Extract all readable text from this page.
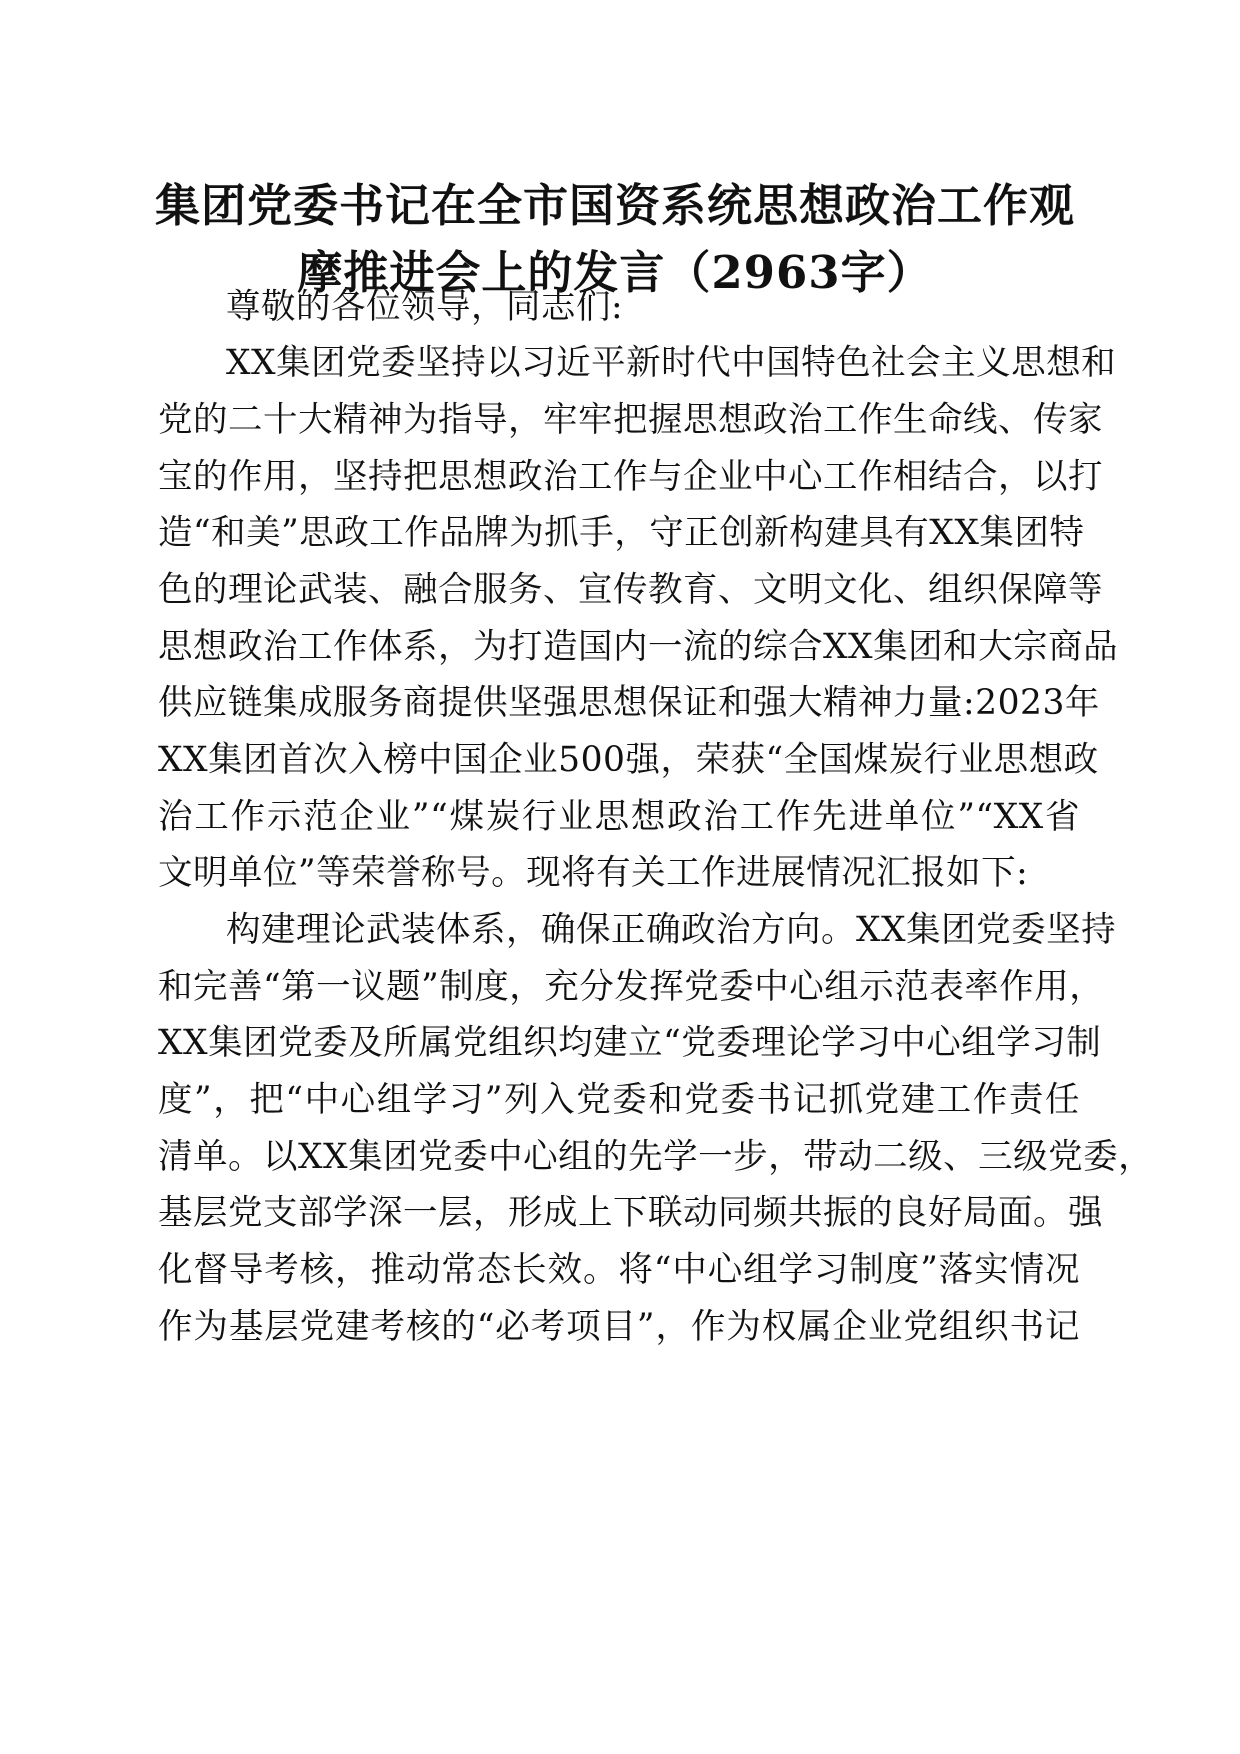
集团党委书记在全市国资系统思想政治工作观
摩推进会上的发言（2963字）
尊敬的各位领导，同志们:
XX集团党委坚持以习近平新时代中国特色社会主义思想和
党的二十大精神为指导，牢牢把握思想政治工作生命线、传家
宝的作用，坚持把思想政治工作与企业中心工作相结合，以打
造“和美”思政工作品牌为抓手，守正创新构建具有XX集团特
色的理论武装、融合服务、宣传教育、文明文化、组织保障等
思想政治工作体系，为打造国内一流的综合XX集团和大宗商品
供应链集成服务商提供坚强思想保证和强大精神力量:2023年
XX集团首次入榜中国企业500强，荣获“全国煤炭行业思想政
治工作示范企业”“煤炭行业思想政治工作先进单位”“XX省
文明单位”等荣誉称号。现将有关工作进展情况汇报如下:
构建理论武装体系，确保正确政治方向。XX集团党委坚持
和完善“第一议题”制度，充分发挥党委中心组示范表率作用，
XX集团党委及所属党组织均建立“党委理论学习中心组学习制
度”，把“中心组学习”列入党委和党委书记抓党建工作责任
清单。以XX集团党委中心组的先学一步，带动二级、三级党委，
基层党支部学深一层，形成上下联动同频共振的良好局面。强
化督导考核，推动常态长效。将“中心组学习制度”落实情况
作为基层党建考核的“必考项目”，作为权属企业党组织书记
